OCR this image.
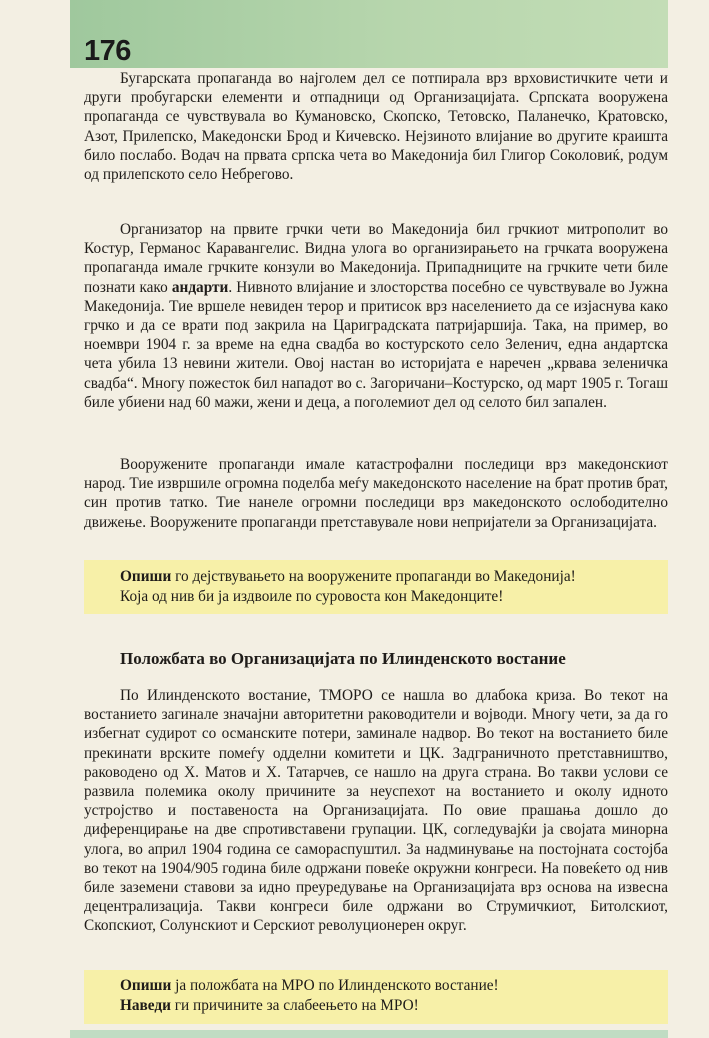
176

Бугарската пропаганда во најголем дел се потпирала врз врховистичките чети и други пробугарски елементи и отпадници од Организацијата. Српската вооружена пропаганда се чувствувала во Кумановско, Скопско, Тетовско, Паланечко, Кратовско, Азот, Прилепско, Македонски Брод и Кичевско. Нејзиното влијание во другите краишта било послабо. Водач на првата српска чета во Македонија бил Глигор Соколовиќ, родум од прилепското село Небрегово.

Организатор на првите грчки чети во Македонија бил грчкиот митрополит во Костур, Германос Каравангелис. Видна улога во организирањето на грчката вооружена пропаганда имале грчките конзули во Македонија. Припадниците на грчките чети биле познати како андарти. Нивното влијание и злосторства посебно се чувствувале во Јужна Македонија. Тие вршеле невиден терор и притисок врз населението да се изјаснува како грчко и да се врати под закрила на Цариградската патријаршија. Така, на пример, во ноември 1904 г. за време на една свадба во костурското село Зеленич, една андартска чета убила 13 невини жители. Овој настан во историјата е наречен „крвава зеленичка свадба“. Многу пожесток бил нападот во с. Загоричани–Костурско, од март 1905 г. Тогаш биле убиени над 60 мажи, жени и деца, а поголемиот дел од селото бил запален.

Вооружените пропаганди имале катастрофални последици врз македонскиот народ. Тие извршиле огромна поделба меѓу македонското население на брат против брат, син против татко. Тие нанеле огромни последици врз македонското ослободително движење. Вооружените пропаганди претставувале нови непријатели за Организацијата.

Опиши го дејствувањето на вооружените пропаганди во Македонија!
Која од нив би ја издвоиле по суровоста кон Македонците!
Положбата во Организацијата по Илинденското востание

По Илинденското востание, ТМОРО се нашла во длабока криза. Во текот на востанието загинале значајни авторитетни раководители и војводи. Многу чети, за да го избегнат судирот со османските потери, заминале надвор. Во текот на востанието биле прекинати врските помеѓу одделни комитети и ЦК. Задграничното претставништво, раководено од Х. Матов и Х. Татарчев, се нашло на друга страна. Во такви услови се развила полемика околу причините за неуспехот на востанието и околу идното устројство и поставеноста на Организацијата. По овие прашања дошло до диференцирање на две спротивставени групации. ЦК, согледувајќи ја својата минорна улога, во април 1904 година се самораспуштил. За надминување на постојната состојба во текот на 1904/905 година биле одржани повеќе окружни конгреси. На повеќето од нив биле заземени ставови за идно преуредување на Организацијата врз основа на извесна децентрализација. Такви конгреси биле одржани во Струмичкиот, Битолскиот, Скопскиот, Солунскиот и Серскиот револуционерен округ.

Опиши ја положбата на МРО по Илинденското востание!
Наведи ги причините за слабеењето на МРО!
